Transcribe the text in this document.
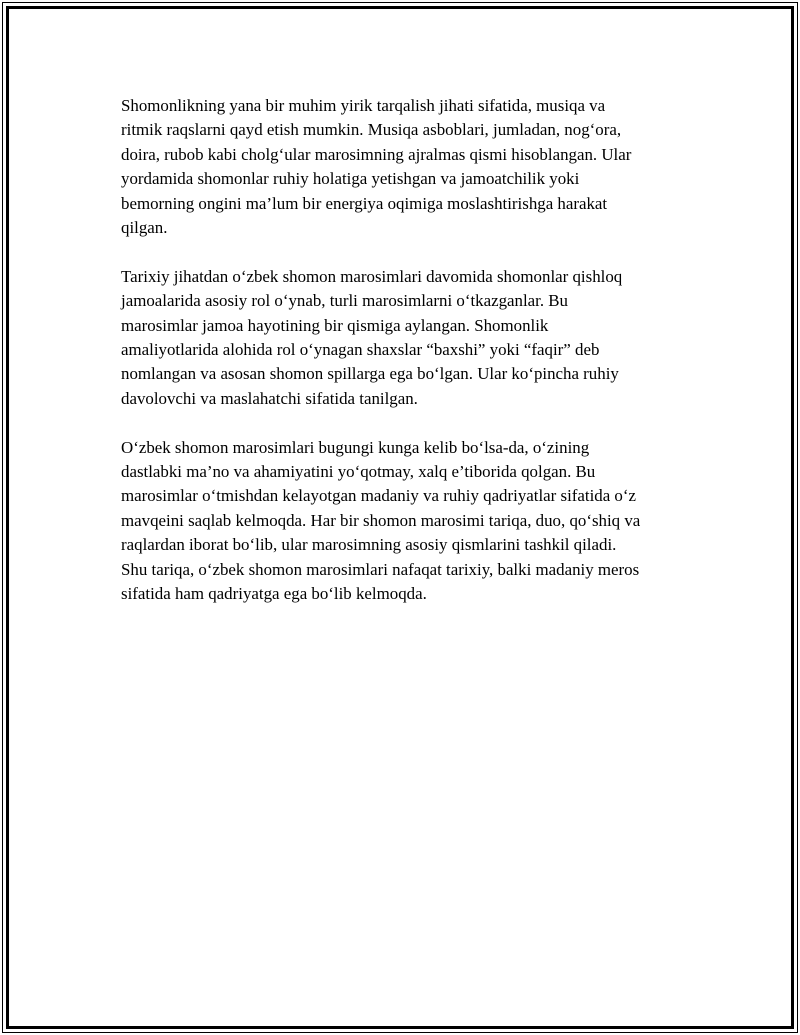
Shomonlikning yana bir muhim yirik tarqalish jihati sifatida, musiqa va
ritmik raqslarni qayd etish mumkin. Musiqa asboblari, jumladan, nog‘ora,
doira, rubob kabi cholg‘ular marosimning ajralmas qismi hisoblangan. Ular
yordamida shomonlar ruhiy holatiga yetishgan va jamoatchilik yoki
bemorning ongini ma’lum bir energiya oqimiga moslashtirishga harakat
qilgan.

Tarixiy jihatdan o‘zbek shomon marosimlari davomida shomonlar qishloq
jamoalarida asosiy rol o‘ynab, turli marosimlarni o‘tkazganlar. Bu
marosimlar jamoa hayotining bir qismiga aylangan. Shomonlik
amaliyotlarida alohida rol o‘ynagan shaxslar “baxshi” yoki “faqir” deb
nomlangan va asosan shomon spillarga ega bo‘lgan. Ular ko‘pincha ruhiy
davolovchi va maslahatchi sifatida tanilgan.

O‘zbek shomon marosimlari bugungi kunga kelib bo‘lsa-da, o‘zining
dastlabki ma’no va ahamiyatini yo‘qotmay, xalq e’tiborida qolgan. Bu
marosimlar o‘tmishdan kelayotgan madaniy va ruhiy qadriyatlar sifatida o‘z
mavqeini saqlab kelmoqda. Har bir shomon marosimi tariqa, duo, qo‘shiq va
raqlardan iborat bo‘lib, ular marosimning asosiy qismlarini tashkil qiladi.
Shu tariqa, o‘zbek shomon marosimlari nafaqat tarixiy, balki madaniy meros
sifatida ham qadriyatga ega bo‘lib kelmoqda.
